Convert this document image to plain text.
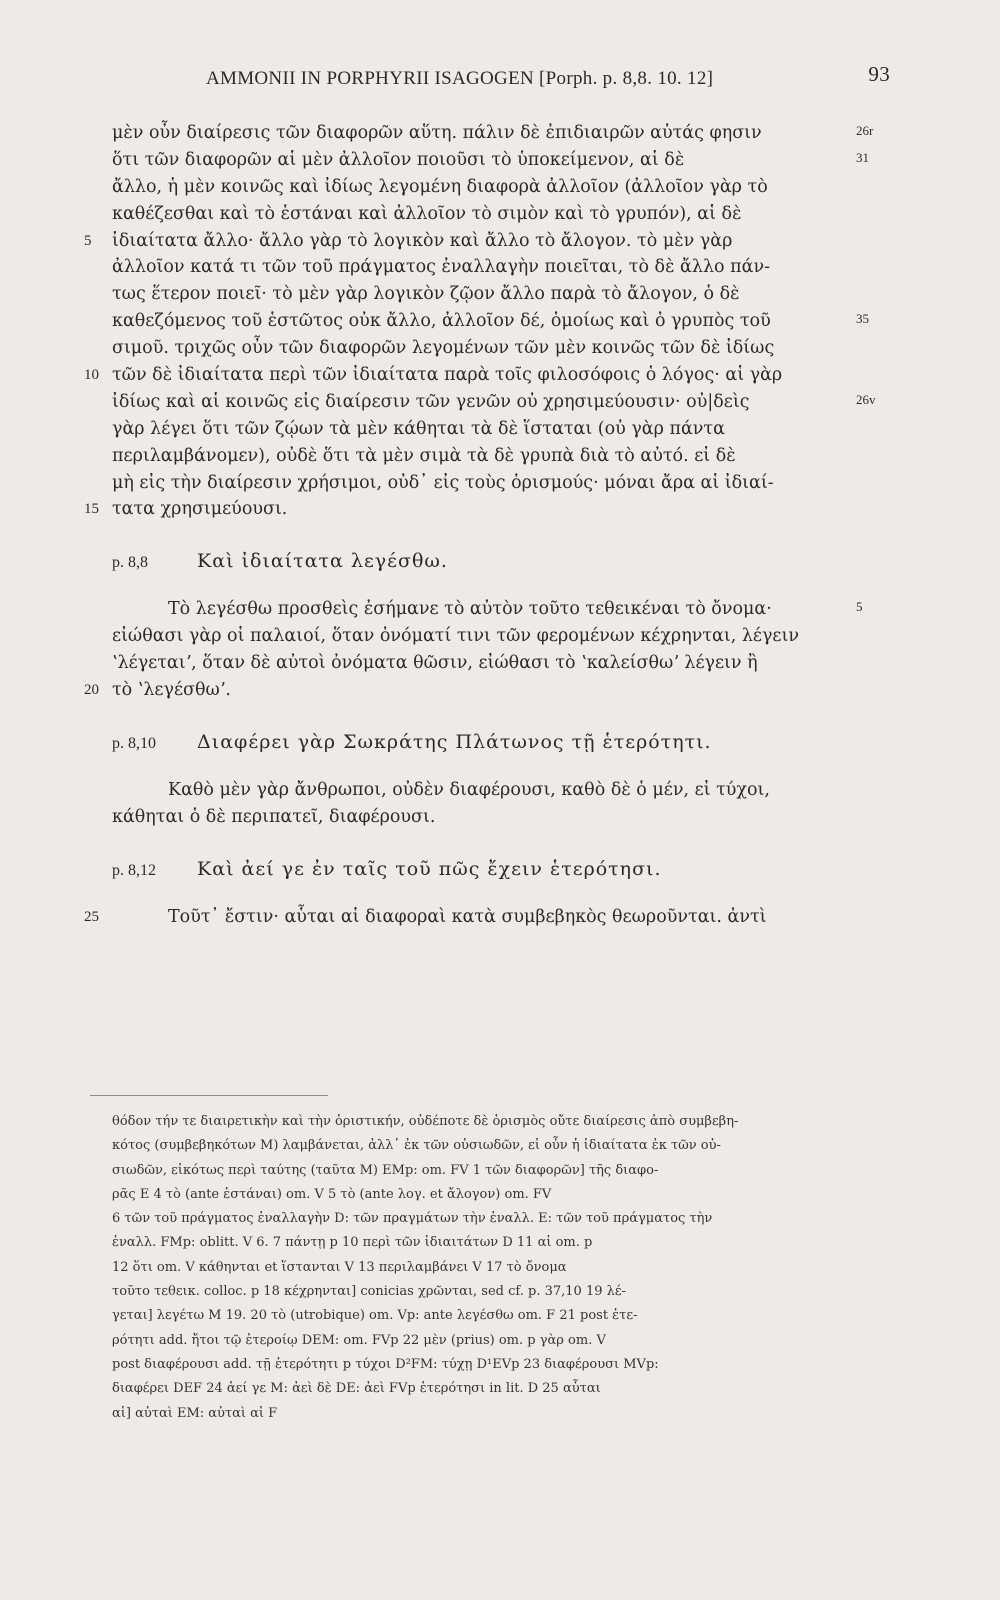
AMMONII IN PORPHYRII ISAGOGEN [Porph. p. 8,8. 10. 12]	93
μὲν οὖν διαίρεσις τῶν διαφορῶν αὕτη. πάλιν δὲ ἐπιδιαιρῶν αὐτάς φησιν	26r
ὅτι τῶν διαφορῶν αἱ μὲν ἀλλοῖον ποιοῦσι τὸ ὑποκείμενον, αἱ δὲ	31
ἄλλο, ἡ μὲν κοινῶς καὶ ἰδίως λεγομένη διαφορὰ ἀλλοῖον (ἀλλοῖον γὰρ τὸ
καθέζεσθαι καὶ τὸ ἑστάναι καὶ ἀλλοῖον τὸ σιμὸν καὶ τὸ γρυπόν), αἱ δὲ
5 ἰδιαίτατα ἄλλο· ἄλλο γὰρ τὸ λογικὸν καὶ ἄλλο τὸ ἄλογον. τὸ μὲν γὰρ
ἀλλοῖον κατά τι τῶν τοῦ πράγματος ἐναλλαγὴν ποιεῖται, τὸ δὲ ἄλλο πάν-
τως ἕτερον ποιεῖ· τὸ μὲν γὰρ λογικὸν ζῷον ἄλλο παρὰ τὸ ἄλογον, ὁ δὲ
καθεζόμενος τοῦ ἑστῶτος οὐκ ἄλλο, ἀλλοῖον δέ, ὁμοίως καὶ ὁ γρυπὸς τοῦ	35
σιμοῦ. τριχῶς οὖν τῶν διαφορῶν λεγομένων τῶν μὲν κοινῶς τῶν δὲ ἰδίως
10 τῶν δὲ ἰδιαίτατα περὶ τῶν ἰδιαίτατα παρὰ τοῖς φιλοσόφοις ὁ λόγος· αἱ γὰρ
ἰδίως καὶ αἱ κοινῶς εἰς διαίρεσιν τῶν γενῶν οὐ χρησιμεύουσιν· οὐ|δεὶς	26v
γὰρ λέγει ὅτι τῶν ζῴων τὰ μὲν κάθηται τὰ δὲ ἵσταται (οὐ γὰρ πάντα
περιλαμβάνομεν), οὐδὲ ὅτι τὰ μὲν σιμὰ τὰ δὲ γρυπὰ διὰ τὸ αὐτό. εἰ δὲ
μὴ εἰς τὴν διαίρεσιν χρήσιμοι, οὐδ᾽ εἰς τοὺς ὁρισμούς· μόναι ἄρα αἱ ἰδιαί-
15 τατα χρησιμεύουσι.
p. 8,8	Καὶ ἰδιαίτατα λεγέσθω.
Τὸ λεγέσθω προσθεὶς ἐσήμανε τὸ αὐτὸν τοῦτο τεθεικέναι τὸ ὄνομα·	5
εἰώθασι γὰρ οἱ παλαιοί, ὅταν ὀνόματί τινι τῶν φερομένων κέχρηνται, λέγειν
ʽλέγεταιʼ, ὅταν δὲ αὐτοὶ ὀνόματα θῶσιν, εἰώθασι τὸ ʽκαλείσθωʼ λέγειν ἢ
20 τὸ ʽλεγέσθωʼ.
p. 8,10 Διαφέρει γὰρ Σωκράτης Πλάτωνος τῇ ἑτερότητι.
Καθὸ μὲν γὰρ ἄνθρωποι, οὐδὲν διαφέρουσι, καθὸ δὲ ὁ μέν, εἰ τύχοι,
κάθηται ὁ δὲ περιπατεῖ, διαφέρουσι.
p. 8,12 Καὶ ἀεί γε ἐν ταῖς τοῦ πῶς ἔχειν ἑτερότησι.
25	Τοῦτ᾽ ἔστιν· αὗται αἱ διαφοραὶ κατὰ συμβεβηκὸς θεωροῦνται. ἀντὶ
θόδον τήν τε διαιρετικὴν καὶ τὴν ὁριστικήν, οὐδέποτε δὲ ὁρισμὸς οὔτε διαίρεσις ἀπὸ συμβεβη-
κότος (συμβεβηκότων M) λαμβάνεται, ἀλλ᾽ ἐκ τῶν οὐσιωδῶν, εἰ οὖν ἡ ἰδιαίτατα ἐκ τῶν οὐ-
σιωδῶν, εἰκότως περὶ ταύτης (ταῦτα M) EMp: om. FV 1 τῶν διαφορῶν] τῆς διαφο-
ρᾶς E 4 τὸ (ante ἑστάναι) om. V 5 τὸ (ante λογ. et ἄλογον) om. FV
6 τῶν τοῦ πράγματος ἐναλλαγὴν D: τῶν πραγμάτων τὴν ἐναλλ. E: τῶν τοῦ πράγματος τὴν
ἐναλλ. FMp: oblitt. V 6. 7 πάντῃ p 10 περὶ τῶν ἰδιαιτάτων D 11 αἱ om. p
12 ὅτι om. V κάθηνται et ἵστανται V 13 περιλαμβάνει V 17 τὸ ὄνομα
τοῦτο τεθεικ. colloc. p 18 κέχρηνται] conicias χρῶνται, sed cf. p. 37,10 19 λέ-
γεται] λεγέτω M 19. 20 τὸ (utrobique) om. Vp: ante λεγέσθω om. F 21 post ἑτε-
ρότητι add. ἤτοι τῷ ἑτεροίῳ DEM: om. FVp 22 μὲν (prius) om. p γὰρ om. V
post διαφέρουσι add. τῇ ἑτερότητι p τύχοι D²FM: τύχῃ D¹EVp 23 διαφέρουσι MVp:
διαφέρει DEF 24 ἀεί γε M: ἀεὶ δὲ DE: ἀεὶ FVp ἑτερότησι in lit. D 25 αὗται
αἱ] αὐταὶ EM: αὐταὶ αἱ F
